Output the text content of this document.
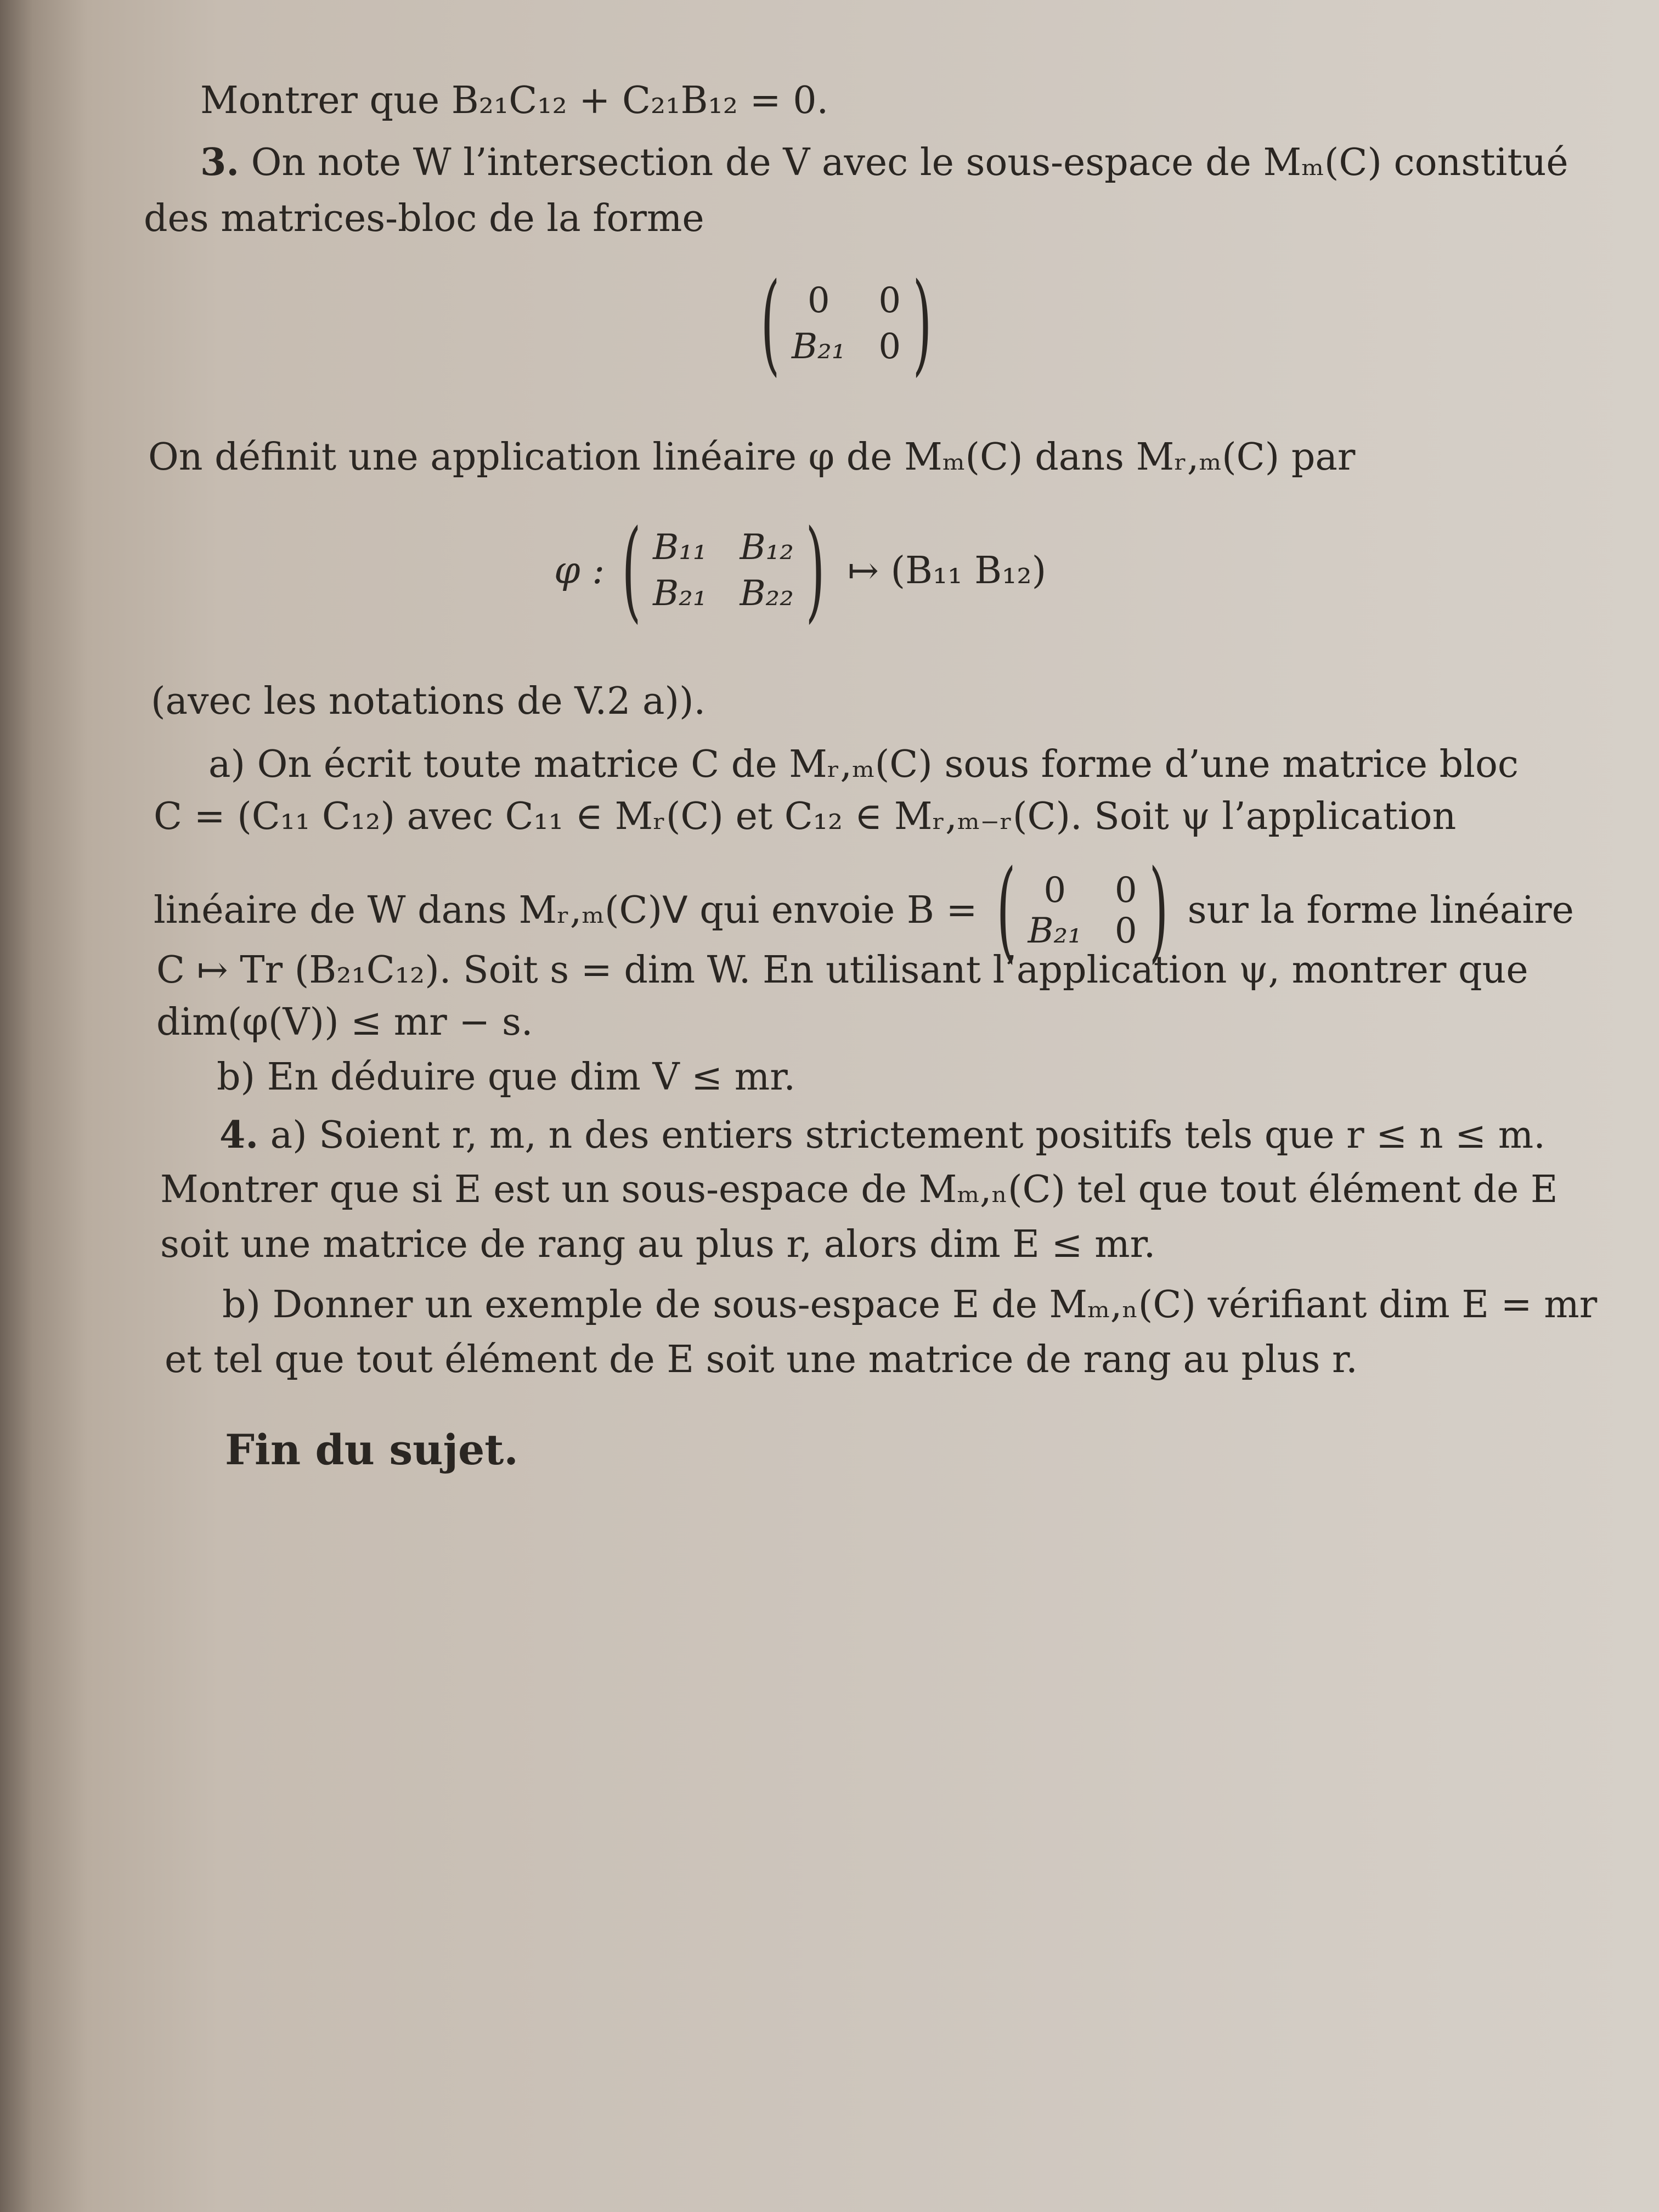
Montrer que B₂₁C₁₂ + C₂₁B₁₂ = 0.
3. On note W l’intersection de V avec le sous-espace de Mₘ(C) constitué
des matrices-bloc de la forme
( 0	0
B₂₁ 0 )
On définit une application linéaire φ de Mₘ(C) dans Mᵣ,ₘ(C) par
φ : ( B₁₁ B₁₂
B₂₁ B₂₂ ) ↦ (B₁₁ B₁₂)
(avec les notations de V.2 a)).
a) On écrit toute matrice C de Mᵣ,ₘ(C) sous forme d’une matrice bloc
C = (C₁₁ C₁₂) avec C₁₁ ∈ Mᵣ(C) et C₁₂ ∈ Mᵣ,ₘ₋ᵣ(C). Soit ψ l’application
linéaire de W dans Mᵣ,ₘ(C)ᐯ qui envoie B = ( 0	0
B₂₁ 0 ) sur la forme linéaire
C ↦ Tr (B₂₁C₁₂). Soit s = dim W. En utilisant l’application ψ, montrer que
dim(φ(V)) ≤ mr − s.
b) En déduire que dim V ≤ mr.
4. a) Soient r, m, n des entiers strictement positifs tels que r ≤ n ≤ m.
Montrer que si E est un sous-espace de Mₘ,ₙ(C) tel que tout élément de E
soit une matrice de rang au plus r, alors dim E ≤ mr.
b) Donner un exemple de sous-espace E de Mₘ,ₙ(C) vérifiant dim E = mr
et tel que tout élément de E soit une matrice de rang au plus r.
Fin du sujet.
